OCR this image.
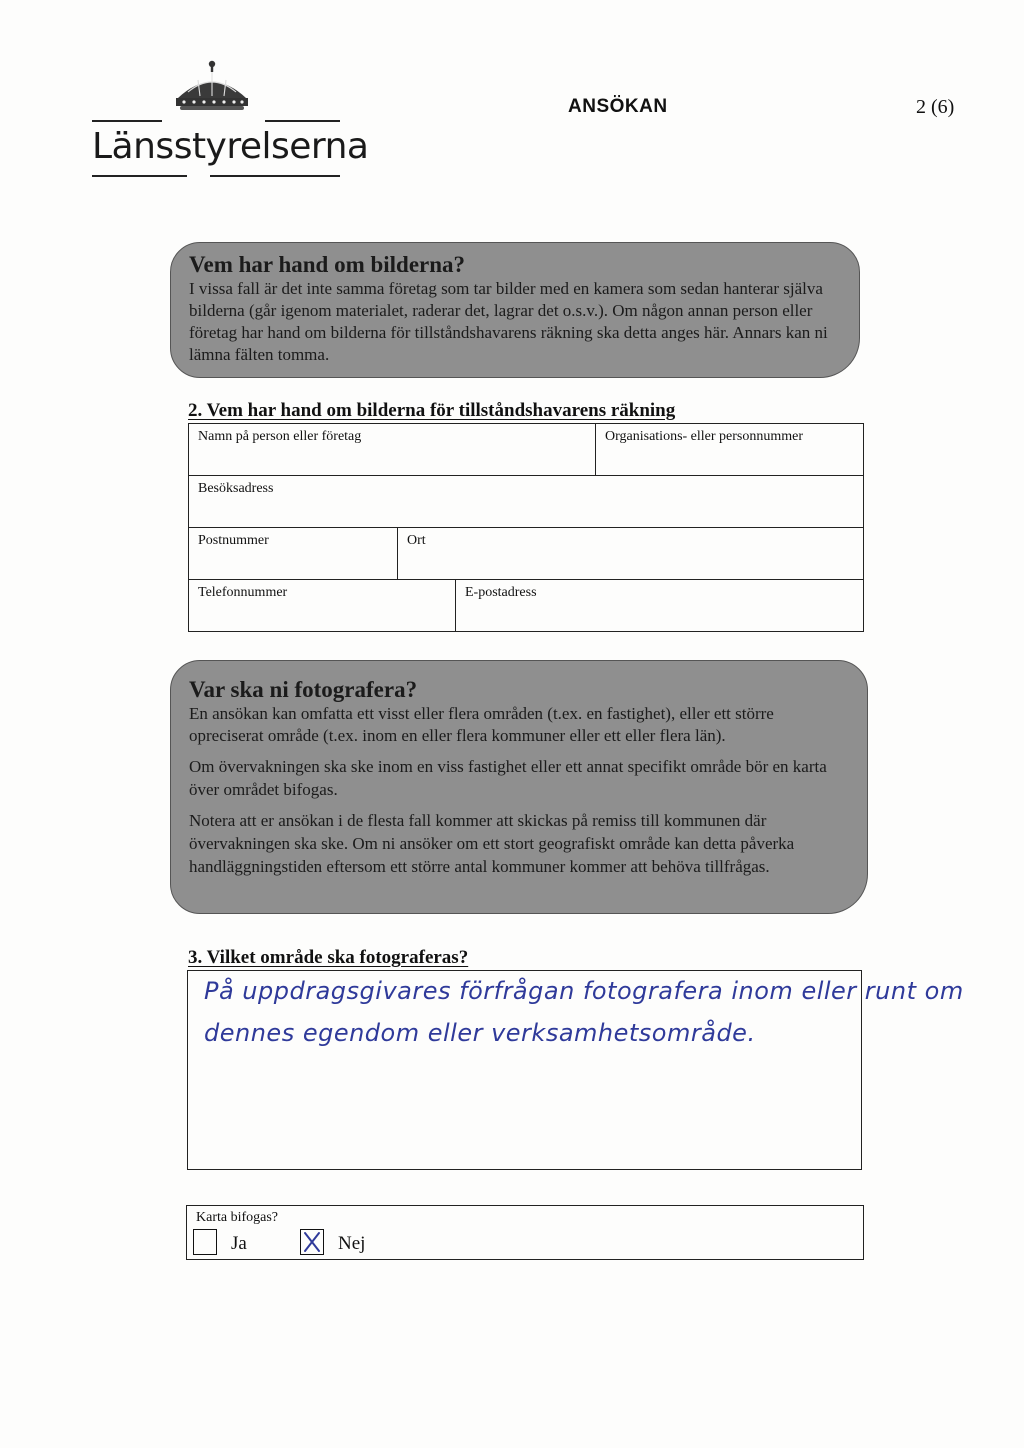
Länsstyrelserna
ANSÖKAN	2 (6)
Vem har hand om bilderna?
I vissa fall är det inte samma företag som tar bilder med en kamera som sedan hanterar själva bilderna (går igenom materialet, raderar det, lagrar det o.s.v.). Om någon annan person eller företag har hand om bilderna för tillståndshavarens räkning ska detta anges här. Annars kan ni lämna fälten tomma.
2. Vem har hand om bilderna för tillståndshavarens räkning
Namn på person eller företag	Organisations- eller personnummer
Besöksadress
Postnummer	Ort
Telefonnummer	E-postadress
Var ska ni fotografera?
En ansökan kan omfatta ett visst eller flera områden (t.ex. en fastighet), eller ett större opreciserat område (t.ex. inom en eller flera kommuner eller ett eller flera län).
Om övervakningen ska ske inom en viss fastighet eller ett annat specifikt område bör en karta över området bifogas.
Notera att er ansökan i de flesta fall kommer att skickas på remiss till kommunen där övervakningen ska ske. Om ni ansöker om ett stort geografiskt område kan detta påverka handläggningstiden eftersom ett större antal kommuner kommer att behöva tillfrågas.
3. Vilket område ska fotograferas?
På uppdragsgivares förfrågan fotografera inom eller runt om
dennes egendom eller verksamhetsområde.
Karta bifogas?
Ja	Nej
